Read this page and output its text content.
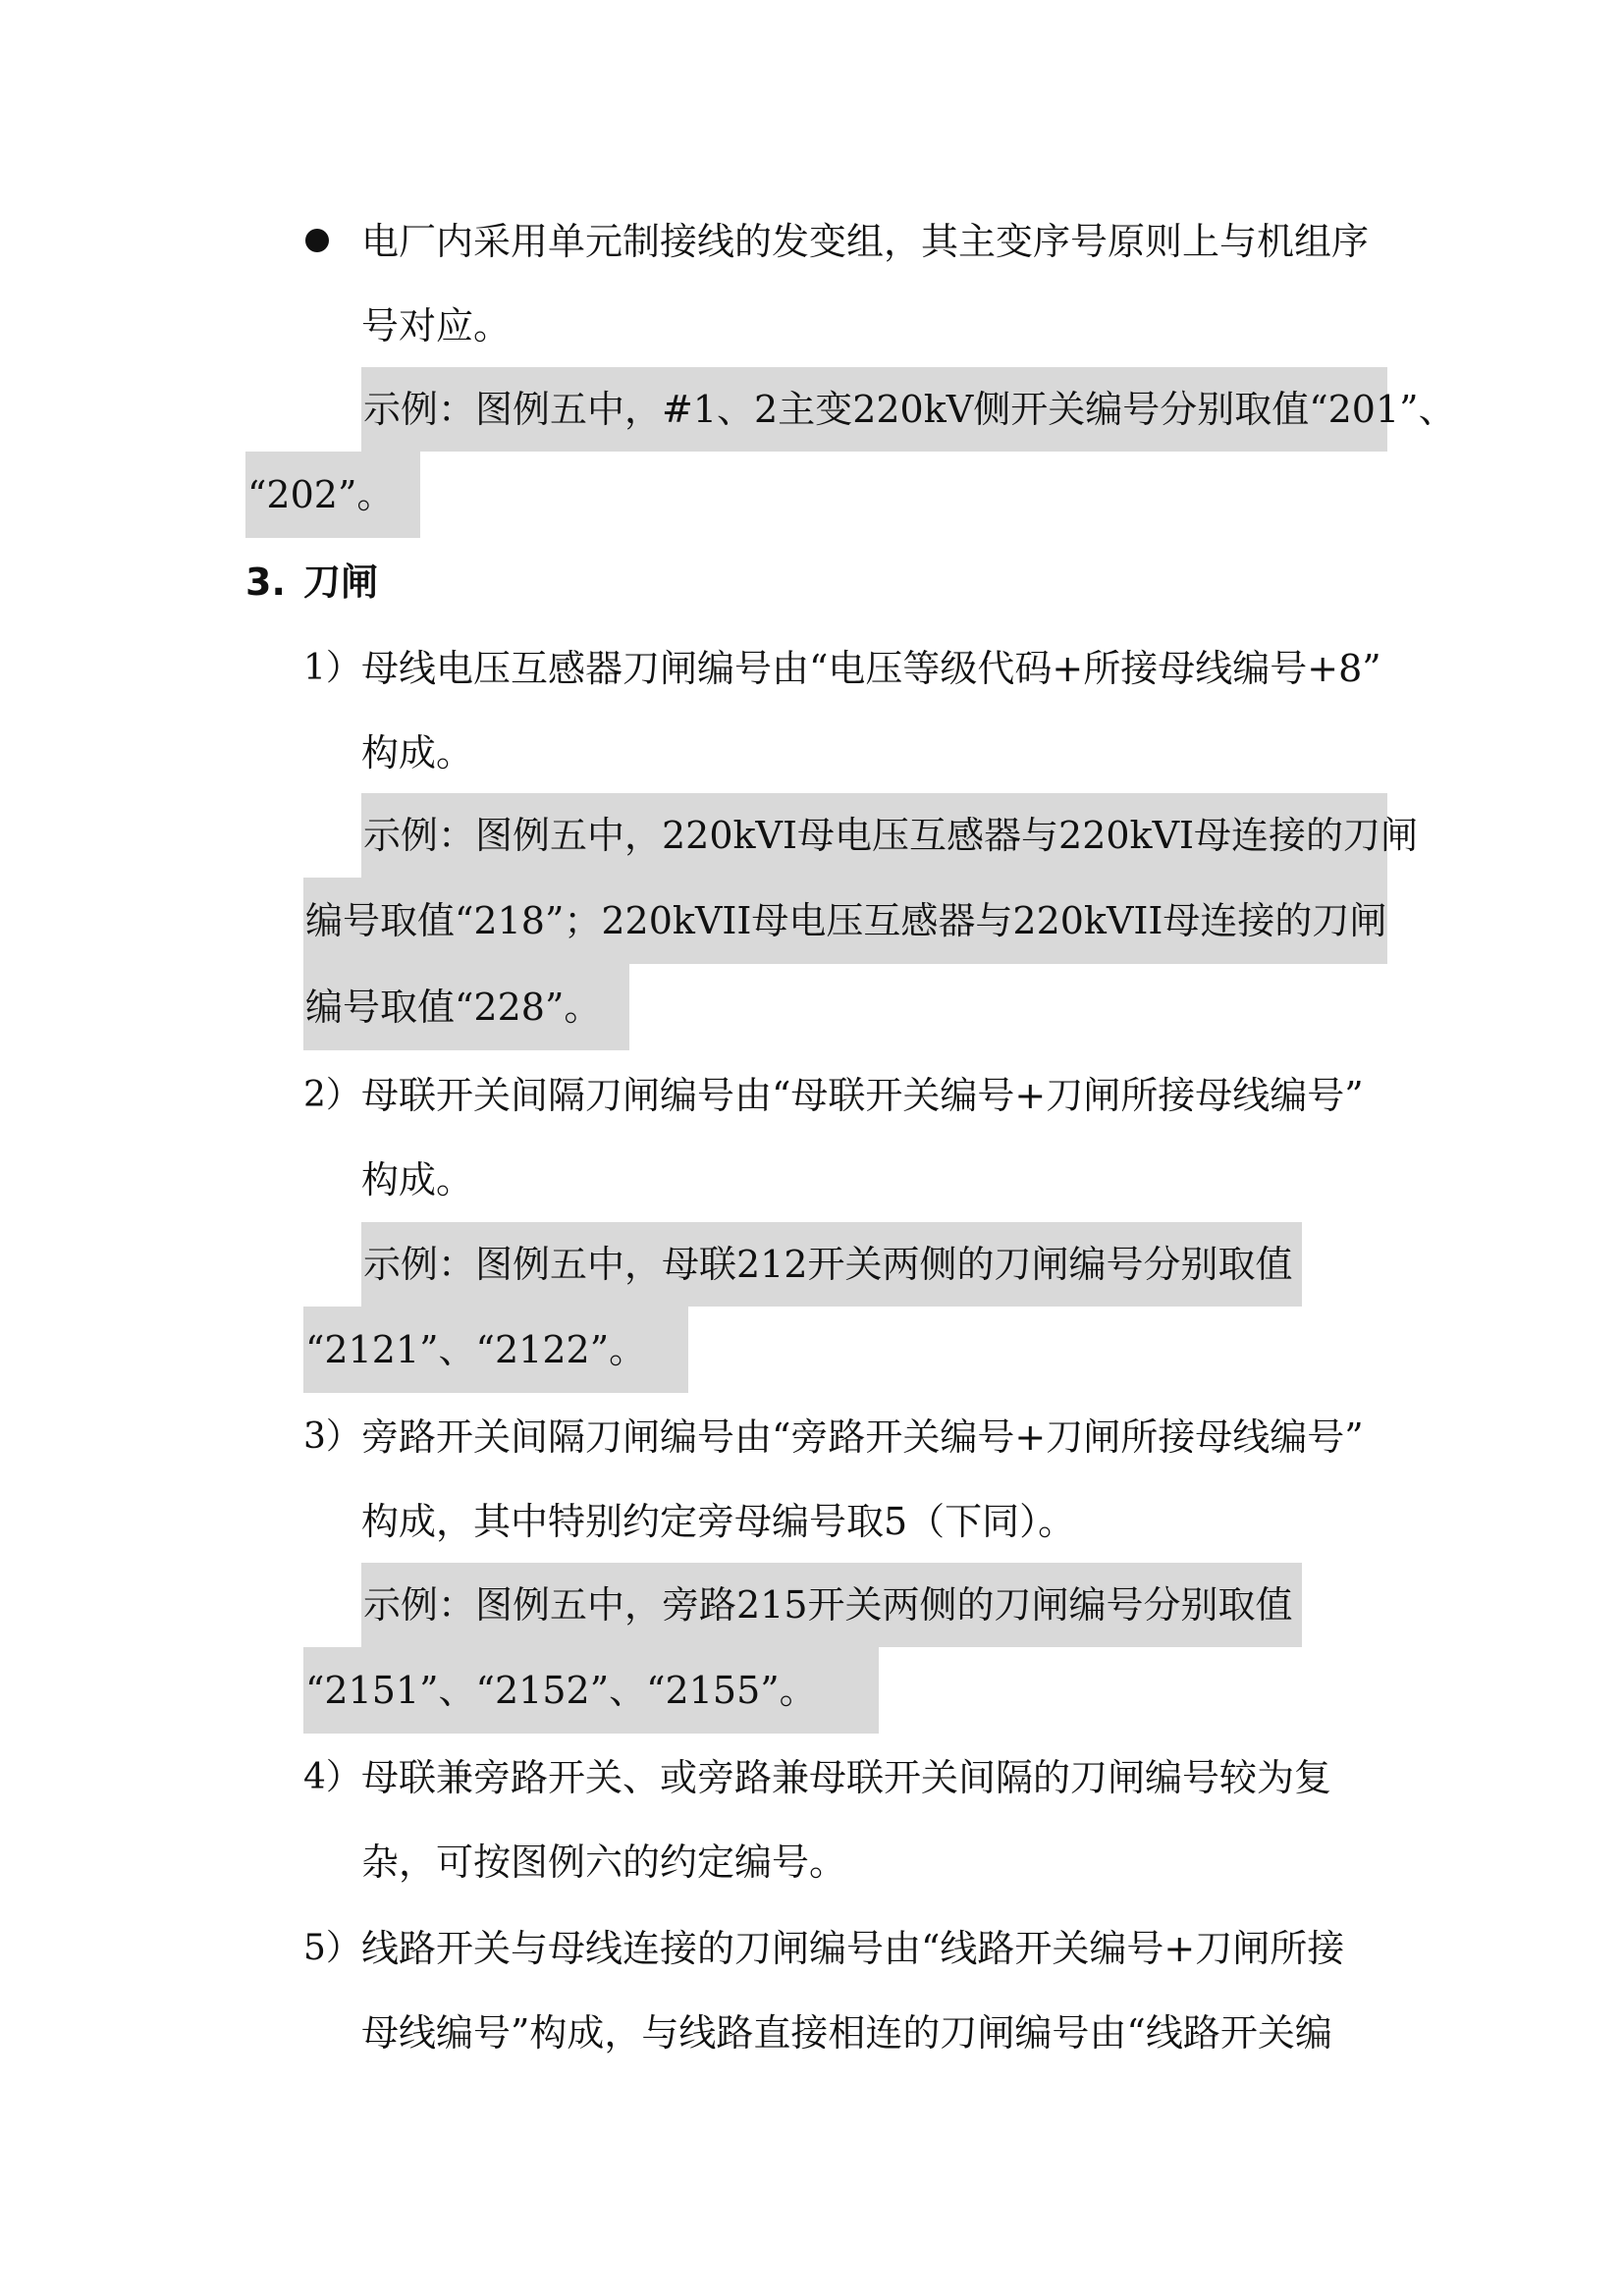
电厂内采用单元制接线的发变组，其主变序号原则上与机组序
号对应。
示例：图例五中，#1、2主变220kV侧开关编号分别取值“201”、
“202”。
3. 刀闸
1） 母线电压互感器刀闸编号由“电压等级代码+所接母线编号+8”
构成。
示例：图例五中，220kVI母电压互感器与220kVI母连接的刀闸
编号取值“218”；220kVII母电压互感器与220kVII母连接的刀闸
编号取值“228”。
2） 母联开关间隔刀闸编号由“母联开关编号+刀闸所接母线编号”
构成。
示例：图例五中，母联212开关两侧的刀闸编号分别取值
“2121”、“2122”。
3） 旁路开关间隔刀闸编号由“旁路开关编号+刀闸所接母线编号”
构成，其中特别约定旁母编号取5（下同）。
示例：图例五中，旁路215开关两侧的刀闸编号分别取值
“2151”、“2152”、“2155”。
4） 母联兼旁路开关、或旁路兼母联开关间隔的刀闸编号较为复
杂，可按图例六的约定编号。
5） 线路开关与母线连接的刀闸编号由“线路开关编号+刀闸所接
母线编号”构成，与线路直接相连的刀闸编号由“线路开关编
